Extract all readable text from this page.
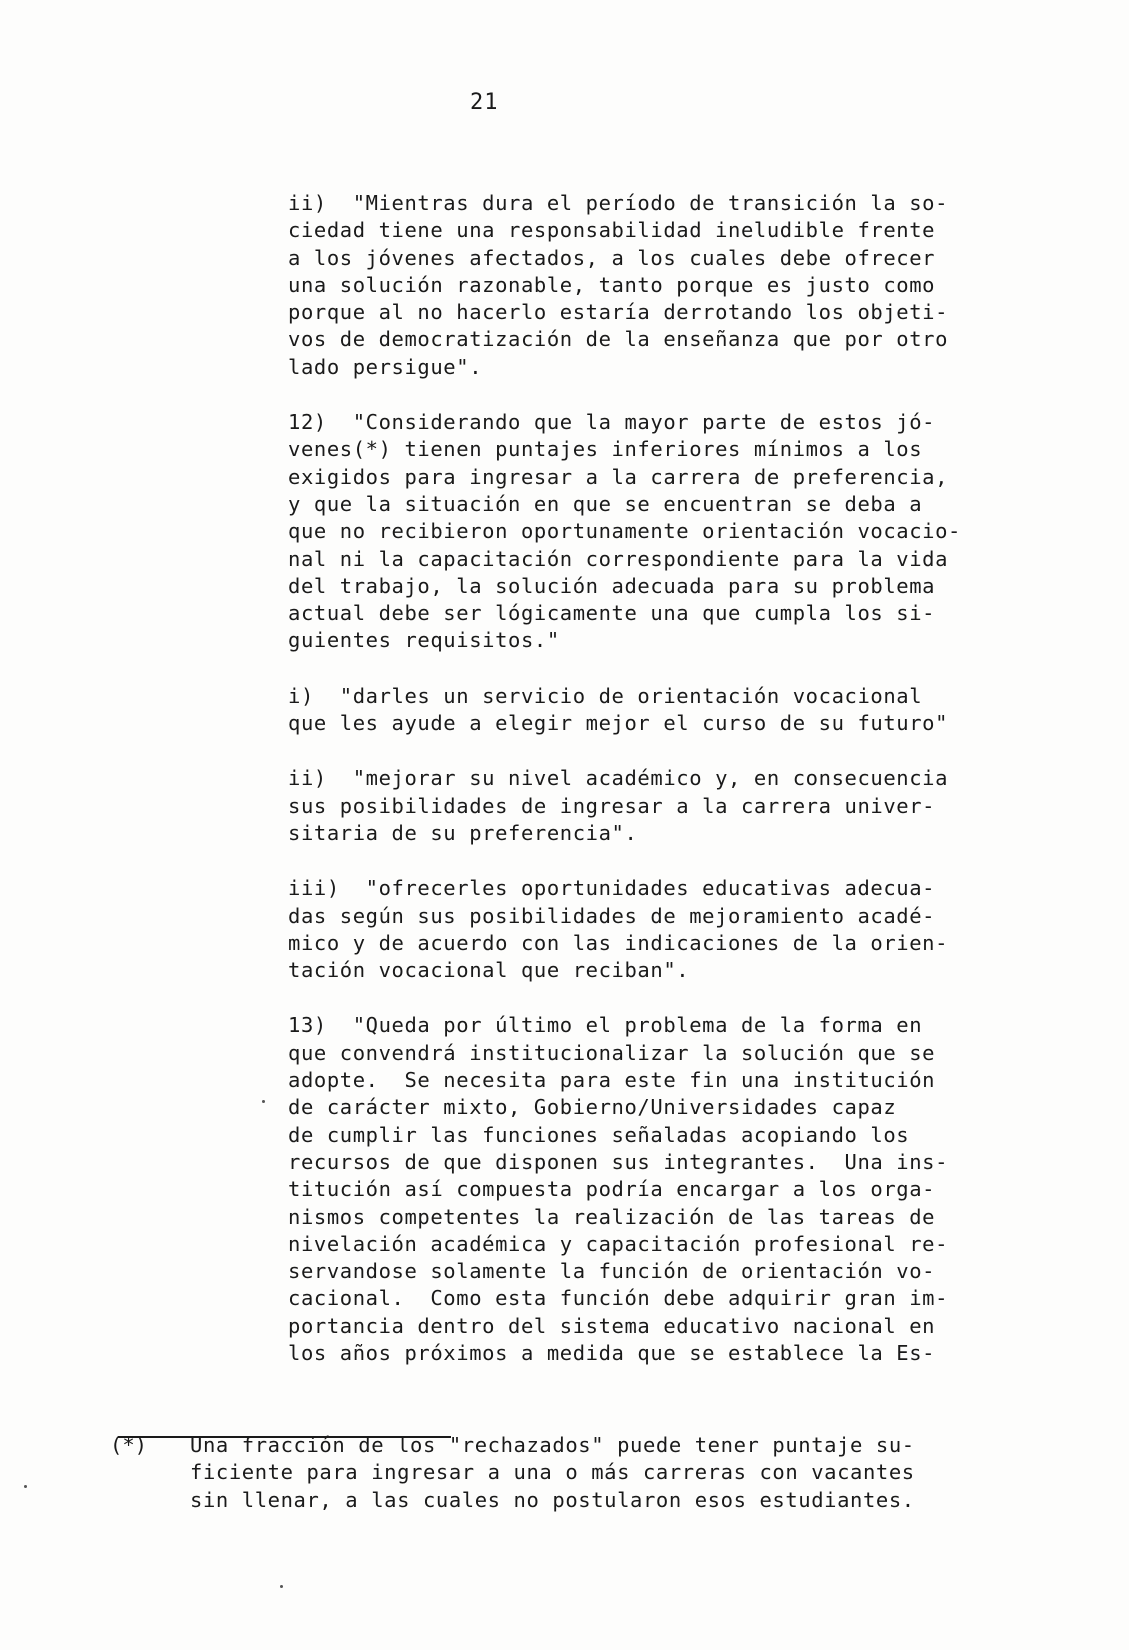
21

ii)  "Mientras dura el período de transición la so-
ciedad tiene una responsabilidad ineludible frente
a los jóvenes afectados, a los cuales debe ofrecer
una solución razonable, tanto porque es justo como
porque al no hacerlo estaría derrotando los objeti-
vos de democratización de la enseñanza que por otro
lado persigue".

12)  "Considerando que la mayor parte de estos jó-
venes(*) tienen puntajes inferiores mínimos a los
exigidos para ingresar a la carrera de preferencia,
y que la situación en que se encuentran se deba a
que no recibieron oportunamente orientación vocacio-
nal ni la capacitación correspondiente para la vida
del trabajo, la solución adecuada para su problema
actual debe ser lógicamente una que cumpla los si-
guientes requisitos."

i)  "darles un servicio de orientación vocacional
que les ayude a elegir mejor el curso de su futuro"

ii)  "mejorar su nivel académico y, en consecuencia
sus posibilidades de ingresar a la carrera univer-
sitaria de su preferencia".

iii)  "ofrecerles oportunidades educativas adecua-
das según sus posibilidades de mejoramiento acadé-
mico y de acuerdo con las indicaciones de la orien-
tación vocacional que reciban".

13)  "Queda por último el problema de la forma en
que convendrá institucionalizar la solución que se
adopte.  Se necesita para este fin una institución
de carácter mixto, Gobierno/Universidades capaz
de cumplir las funciones señaladas acopiando los
recursos de que disponen sus integrantes.  Una ins-
titución así compuesta podría encargar a los orga-
nismos competentes la realización de las tareas de
nivelación académica y capacitación profesional re-
servandose solamente la función de orientación vo-
cacional.  Como esta función debe adquirir gran im-
portancia dentro del sistema educativo nacional en
los años próximos a medida que se establece la Es-

(*) Una fracción de los "rechazados" puede tener puntaje su-
ficiente para ingresar a una o más carreras con vacantes
sin llenar, a las cuales no postularon esos estudiantes.
